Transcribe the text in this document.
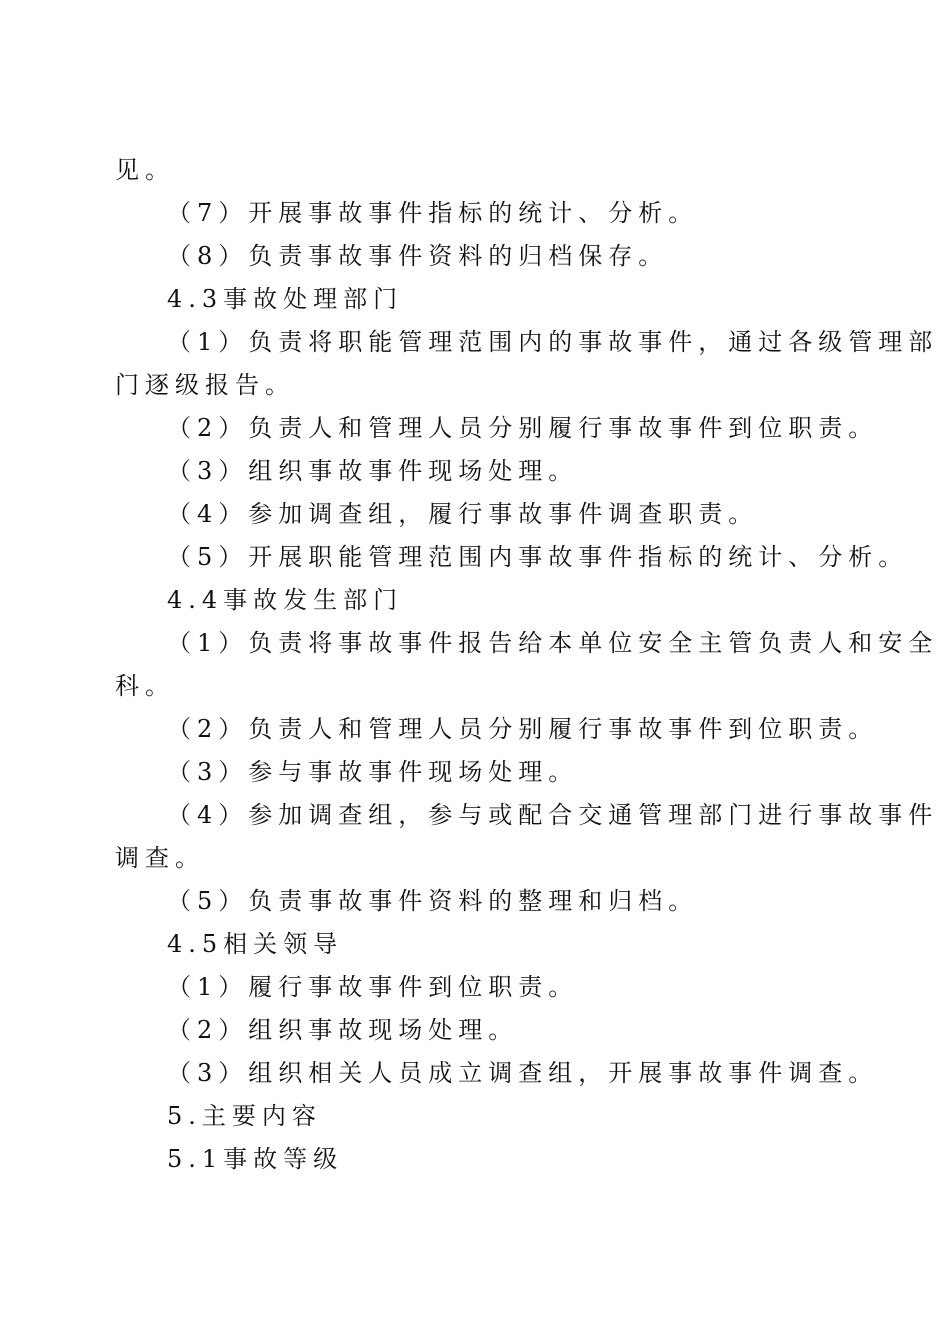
见。
（7）开展事故事件指标的统计、分析。
（8）负责事故事件资料的归档保存。
4.3事故处理部门
（1）负责将职能管理范围内的事故事件，通过各级管理部
门逐级报告。
（2）负责人和管理人员分别履行事故事件到位职责。
（3）组织事故事件现场处理。
（4）参加调查组，履行事故事件调查职责。
（5）开展职能管理范围内事故事件指标的统计、分析。
4.4事故发生部门
（1）负责将事故事件报告给本单位安全主管负责人和安全
科。
（2）负责人和管理人员分别履行事故事件到位职责。
（3）参与事故事件现场处理。
（4）参加调查组，参与或配合交通管理部门进行事故事件
调查。
（5）负责事故事件资料的整理和归档。
4.5相关领导
（1）履行事故事件到位职责。
（2）组织事故现场处理。
（3）组织相关人员成立调查组，开展事故事件调查。
5.主要内容
5.1事故等级
